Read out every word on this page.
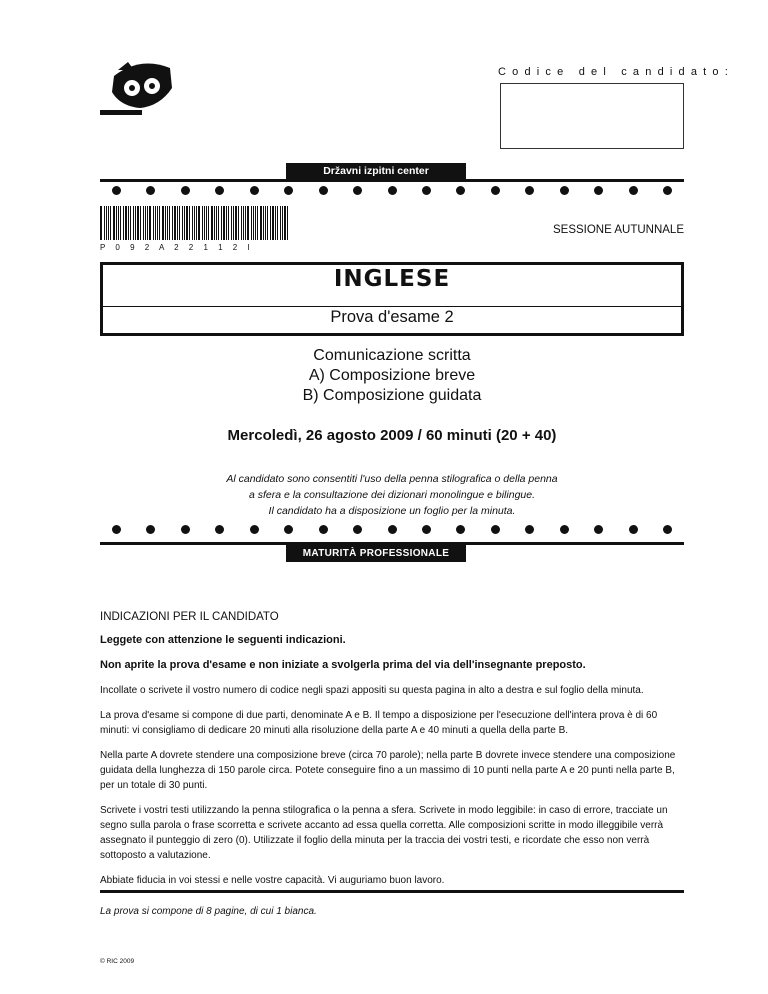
Codice del candidato:
Državni izpitni center
P 0 9 2 A 2 2 1 1 2 I
SESSIONE AUTUNNALE
INGLESE
Prova d'esame 2
Comunicazione scritta
A) Composizione breve
B) Composizione guidata
Mercoledì, 26 agosto 2009 / 60 minuti (20 + 40)
Al candidato sono consentiti l'uso della penna stilografica o della penna
a sfera e la consultazione dei dizionari monolingue e bilingue.
Il candidato ha a disposizione un foglio per la minuta.
MATURITÀ PROFESSIONALE
INDICAZIONI PER IL CANDIDATO

Leggete con attenzione le seguenti indicazioni.

Non aprite la prova d'esame e non iniziate a svolgerla prima del via dell'insegnante preposto.

Incollate o scrivete il vostro numero di codice negli spazi appositi su questa pagina in alto a destra e sul foglio della minuta.

La prova d'esame si compone di due parti, denominate A e B. Il tempo a disposizione per l'esecuzione dell'intera prova è di 60 minuti: vi consigliamo di dedicare 20 minuti alla risoluzione della parte A e 40 minuti a quella della parte B.

Nella parte A dovrete stendere una composizione breve (circa 70 parole); nella parte B dovrete invece stendere una composizione guidata della lunghezza di 150 parole circa. Potete conseguire fino a un massimo di 10 punti nella parte A e 20 punti nella parte B, per un totale di 30 punti.

Scrivete i vostri testi utilizzando la penna stilografica o la penna a sfera. Scrivete in modo leggibile: in caso di errore, tracciate un segno sulla parola o frase scorretta e scrivete accanto ad essa quella corretta. Alle composizioni scritte in modo illeggibile verrà assegnato il punteggio di zero (0). Utilizzate il foglio della minuta per la traccia dei vostri testi, e ricordate che esso non verrà sottoposto a valutazione.

Abbiate fiducia in voi stessi e nelle vostre capacità. Vi auguriamo buon lavoro.

La prova si compone di 8 pagine, di cui 1 bianca.
© RIC 2009
